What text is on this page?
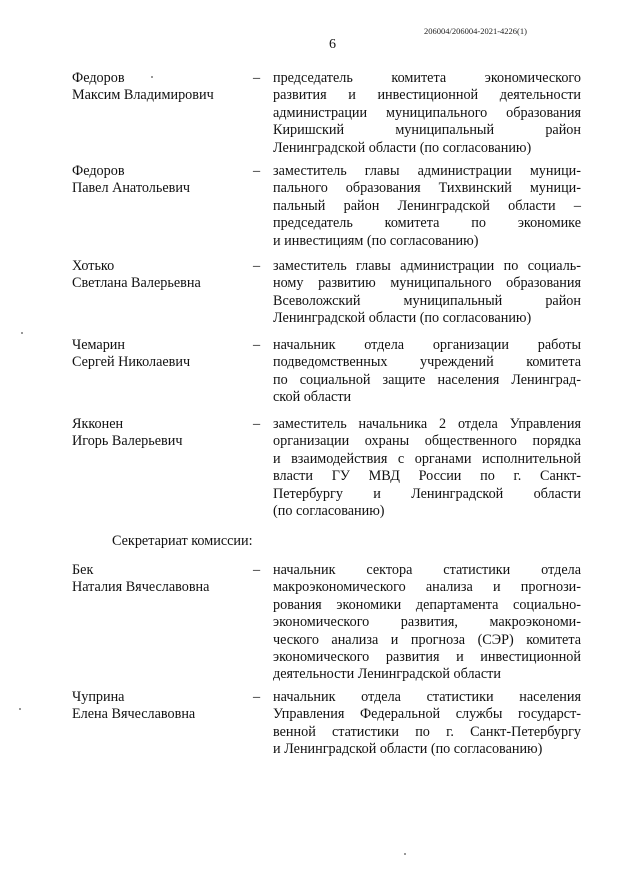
206004/206004-2021-4226(1)
6
Федоров
Максим Владимирович
– председатель комитета экономического
развития и инвестиционной деятельности
администрации муниципального образования
Киришский муниципальный район
Ленинградской области (по согласованию)
Федоров
Павел Анатольевич
– заместитель главы администрации муници-
пального образования Тихвинский муници-
пальный район Ленинградской области –
председатель комитета по экономике
и инвестициям (по согласованию)
Хотько
Светлана Валерьевна
– заместитель главы администрации по социаль-
ному развитию муниципального образования
Всеволожский муниципальный район
Ленинградской области (по согласованию)
Чемарин
Сергей Николаевич
– начальник отдела организации работы
подведомственных учреждений комитета
по социальной защите населения Ленинград-
ской области
Якконен
Игорь Валерьевич
– заместитель начальника 2 отдела Управления
организации охраны общественного порядка
и взаимодействия с органами исполнительной
власти ГУ МВД России по г. Санкт-
Петербургу и Ленинградской области
(по согласованию)
Секретариат комиссии:
Бек
Наталия Вячеславовна
– начальник сектора статистики отдела
макроэкономического анализа и прогнози-
рования экономики департамента социально-
экономического развития, макроэкономи-
ческого анализа и прогноза (СЭР) комитета
экономического развития и инвестиционной
деятельности Ленинградской области
Чуприна
Елена Вячеславовна
– начальник отдела статистики населения
Управления Федеральной службы государст-
венной статистики по г. Санкт-Петербургу
и Ленинградской области (по согласованию)
